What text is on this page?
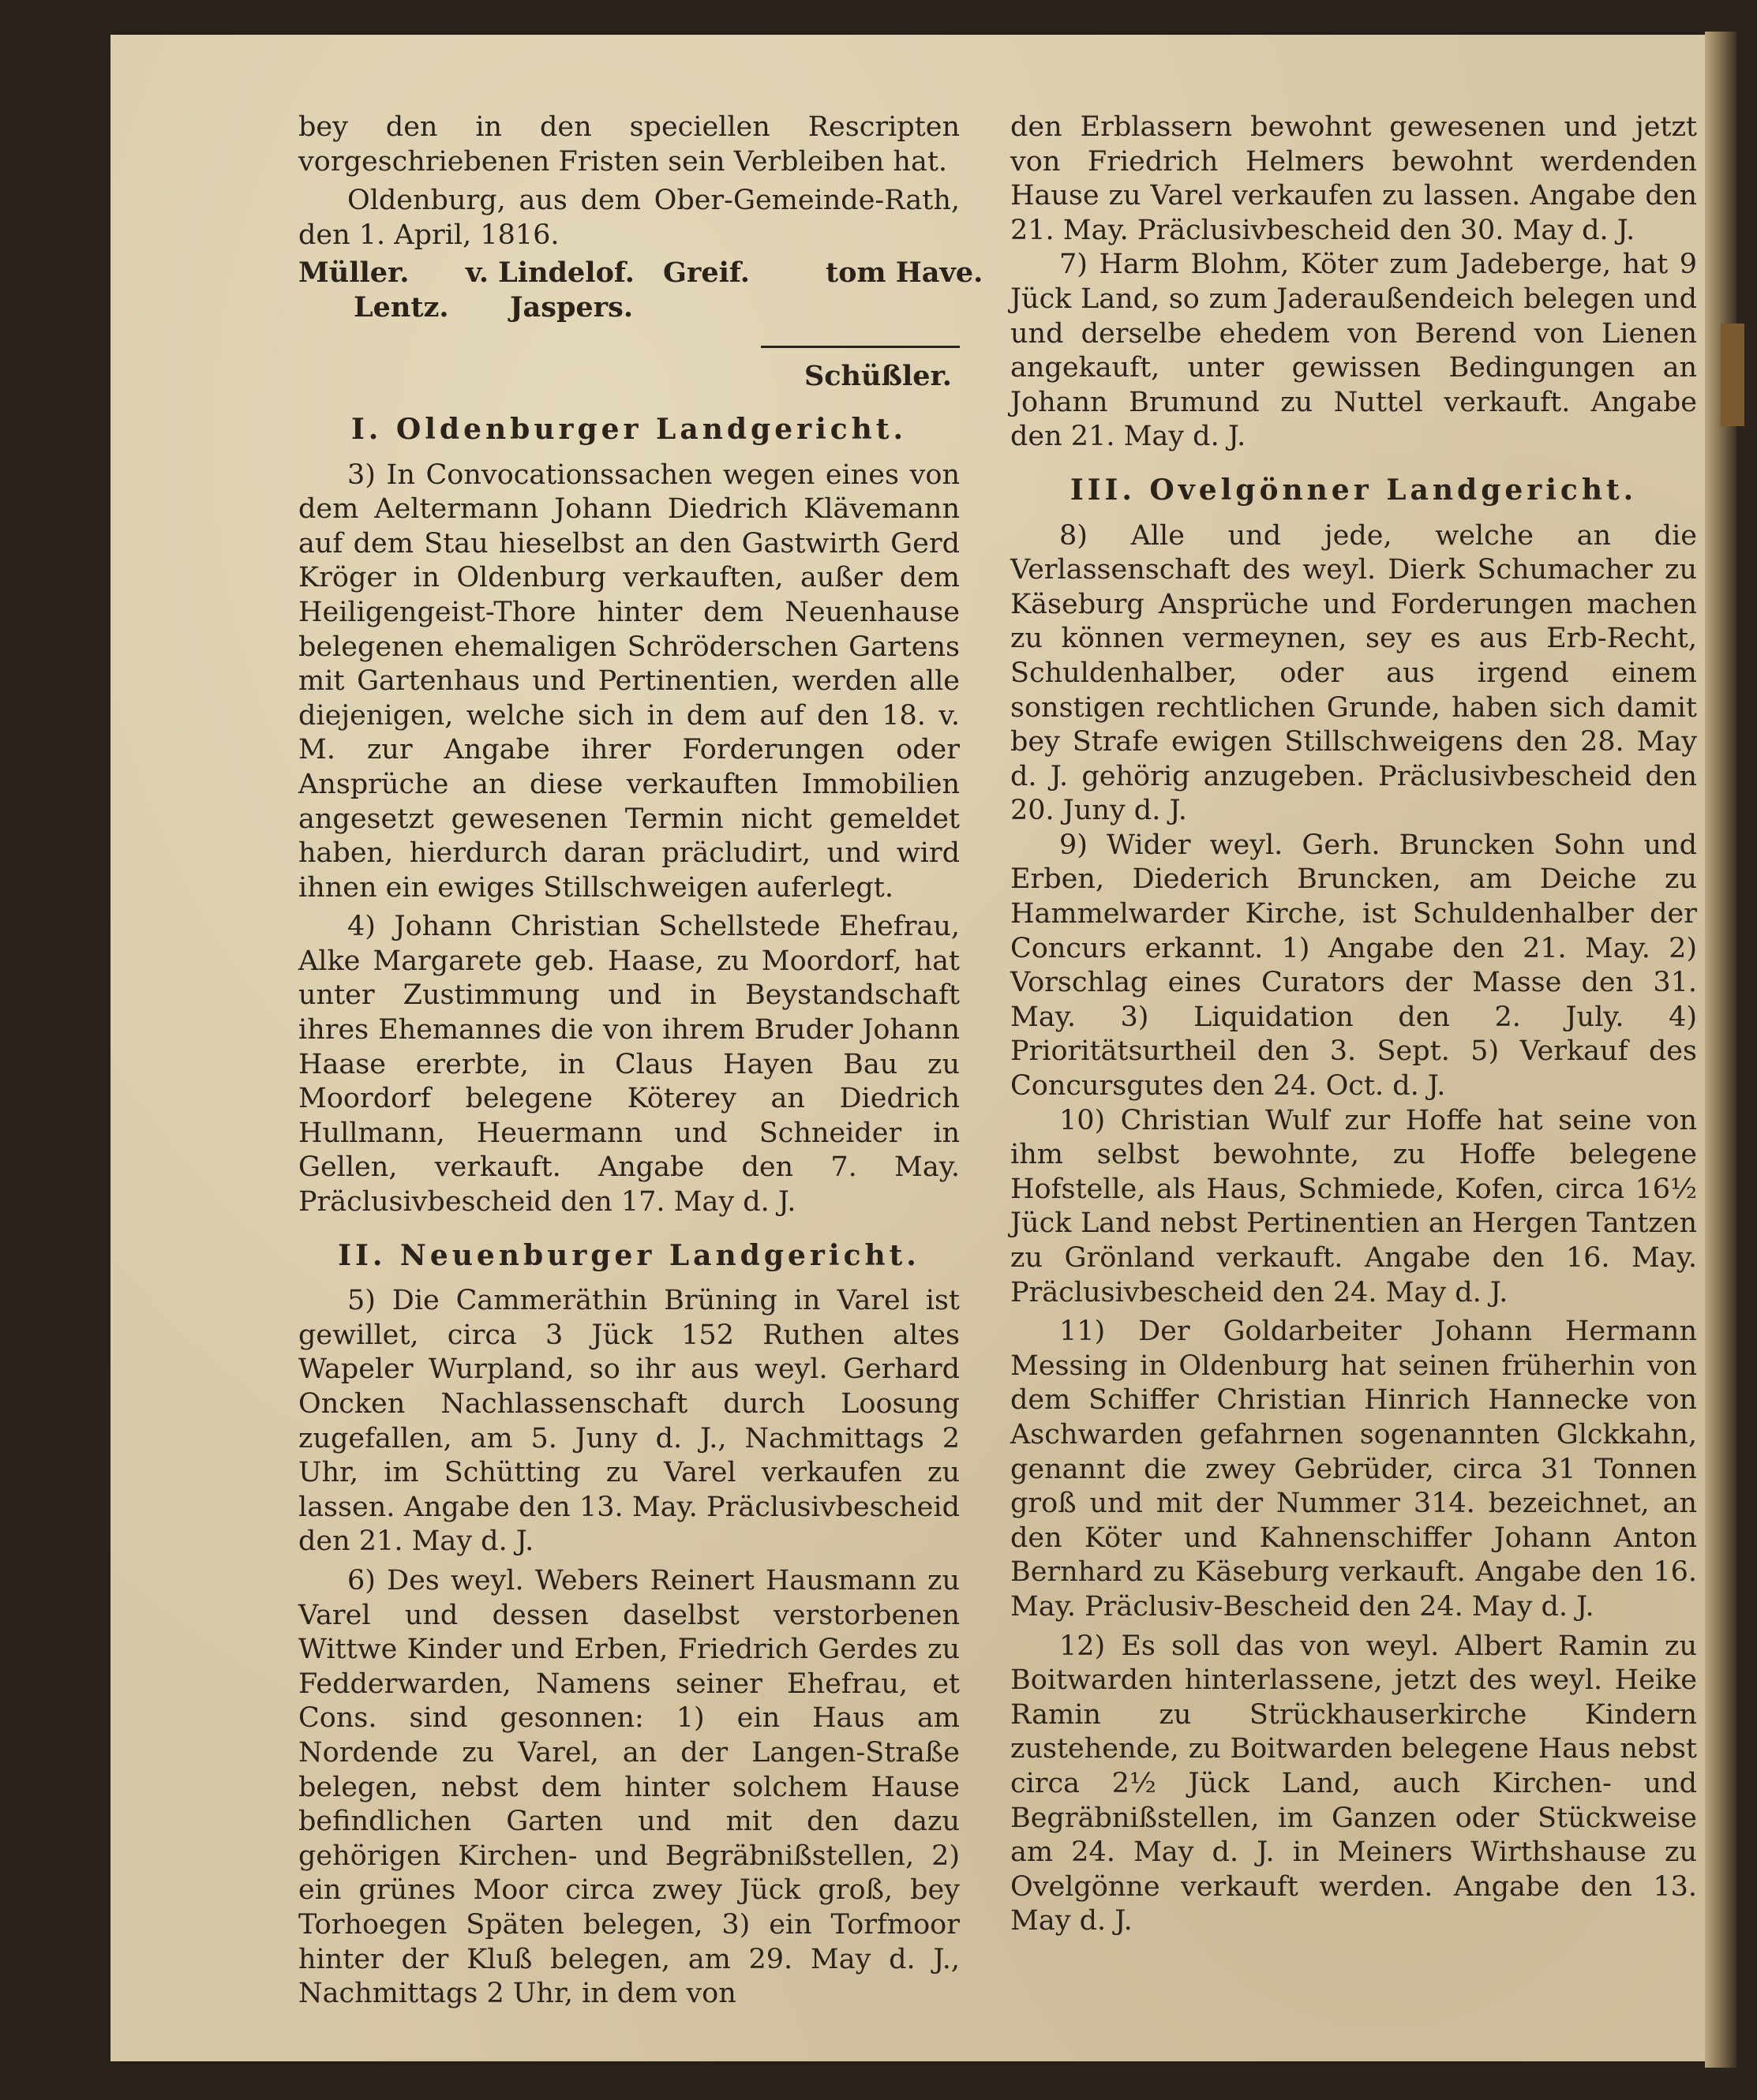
bey den in den speciellen Rescripten vorgeschriebenen Fristen sein Verbleiben hat.

Oldenburg, aus dem Ober-Gemeinde-Rath, den 1. April, 1816.

Müller. v. Lindelof. Greif.	tom Have.
Lentz. Jaspers.

Schüßler.

I. Oldenburger Landgericht.

3) In Convocationssachen wegen eines von dem Aeltermann Johann Diedrich Klävemann auf dem Stau hieselbst an den Gastwirth Gerd Kröger in Oldenburg verkauften, außer dem Heiligengeist-Thore hinter dem Neuenhause belegenen ehemaligen Schröderschen Gartens mit Gartenhaus und Pertinentien, werden alle diejenigen, welche sich in dem auf den 18. v. M. zur Angabe ihrer Forderungen oder Ansprüche an diese verkauften Immobilien angesetzt gewesenen Termin nicht gemeldet haben, hierdurch daran präcludirt, und wird ihnen ein ewiges Stillschweigen auferlegt.

4) Johann Christian Schellstede Ehefrau, Alke Margarete geb. Haase, zu Moordorf, hat unter Zustimmung und in Beystandschaft ihres Ehemannes die von ihrem Bruder Johann Haase ererbte, in Claus Hayen Bau zu Moordorf belegene Köterey an Diedrich Hullmann, Heuermann und Schneider in Gellen, verkauft. Angabe den 7. May. Präclusivbescheid den 17. May d. J.

II. Neuenburger Landgericht.

5) Die Cammeräthin Brüning in Varel ist gewillet, circa 3 Jück 152 Ruthen altes Wapeler Wurpland, so ihr aus weyl. Gerhard Oncken Nachlassenschaft durch Loosung zugefallen, am 5. Juny d. J., Nachmittags 2 Uhr, im Schütting zu Varel verkaufen zu lassen. Angabe den 13. May. Präclusivbescheid den 21. May d. J.

6) Des weyl. Webers Reinert Hausmann zu Varel und dessen daselbst verstorbenen Wittwe Kinder und Erben, Friedrich Gerdes zu Fedderwarden, Namens seiner Ehefrau, et Cons. sind gesonnen: 1) ein Haus am Nordende zu Varel, an der Langen-Straße belegen, nebst dem hinter solchem Hause befindlichen Garten und mit den dazu gehörigen Kirchen- und Begräbnißstellen, 2) ein grünes Moor circa zwey Jück groß, bey Torhoegen Späten belegen, 3) ein Torfmoor hinter der Kluß belegen, am 29. May d. J., Nachmittags 2 Uhr, in dem von

den Erblassern bewohnt gewesenen und jetzt von Friedrich Helmers bewohnt werdenden Hause zu Varel verkaufen zu lassen. Angabe den 21. May. Präclusivbescheid den 30. May d. J.

7) Harm Blohm, Köter zum Jadeberge, hat 9 Jück Land, so zum Jaderaußendeich belegen und und derselbe ehedem von Berend von Lienen angekauft, unter gewissen Bedingungen an Johann Brumund zu Nuttel verkauft. Angabe den 21. May d. J.

III. Ovelgönner Landgericht.

8) Alle und jede, welche an die Verlassenschaft des weyl. Dierk Schumacher zu Käseburg Ansprüche und Forderungen machen zu können vermeynen, sey es aus Erb-Recht, Schuldenhalber, oder aus irgend einem sonstigen rechtlichen Grunde, haben sich damit bey Strafe ewigen Stillschweigens den 28. May d. J. gehörig anzugeben. Präclusivbescheid den 20. Juny d. J.

9) Wider weyl. Gerh. Bruncken Sohn und Erben, Diederich Bruncken, am Deiche zu Hammelwarder Kirche, ist Schuldenhalber der Concurs erkannt. 1) Angabe den 21. May. 2) Vorschlag eines Curators der Masse den 31. May. 3) Liquidation den 2. July. 4) Prioritätsurtheil den 3. Sept. 5) Verkauf des Concursgutes den 24. Oct. d. J.

10) Christian Wulf zur Hoffe hat seine von ihm selbst bewohnte, zu Hoffe belegene Hofstelle, als Haus, Schmiede, Kofen, circa 16½ Jück Land nebst Pertinentien an Hergen Tantzen zu Grönland verkauft. Angabe den 16. May. Präclusivbescheid den 24. May d. J.

11) Der Goldarbeiter Johann Hermann Messing in Oldenburg hat seinen früherhin von dem Schiffer Christian Hinrich Hannecke von Aschwarden gefahrnen sogenannten Glckkahn, genannt die zwey Gebrüder, circa 31 Tonnen groß und mit der Nummer 314. bezeichnet, an den Köter und Kahnenschiffer Johann Anton Bernhard zu Käseburg verkauft. Angabe den 16. May. Präclusiv-Bescheid den 24. May d. J.

12) Es soll das von weyl. Albert Ramin zu Boitwarden hinterlassene, jetzt des weyl. Heike Ramin zu Strückhauserkirche Kindern zustehende, zu Boitwarden belegene Haus nebst circa 2½ Jück Land, auch Kirchen- und Begräbnißstellen, im Ganzen oder Stückweise am 24. May d. J. in Meiners Wirthshause zu Ovelgönne verkauft werden. Angabe den 13. May d. J.
